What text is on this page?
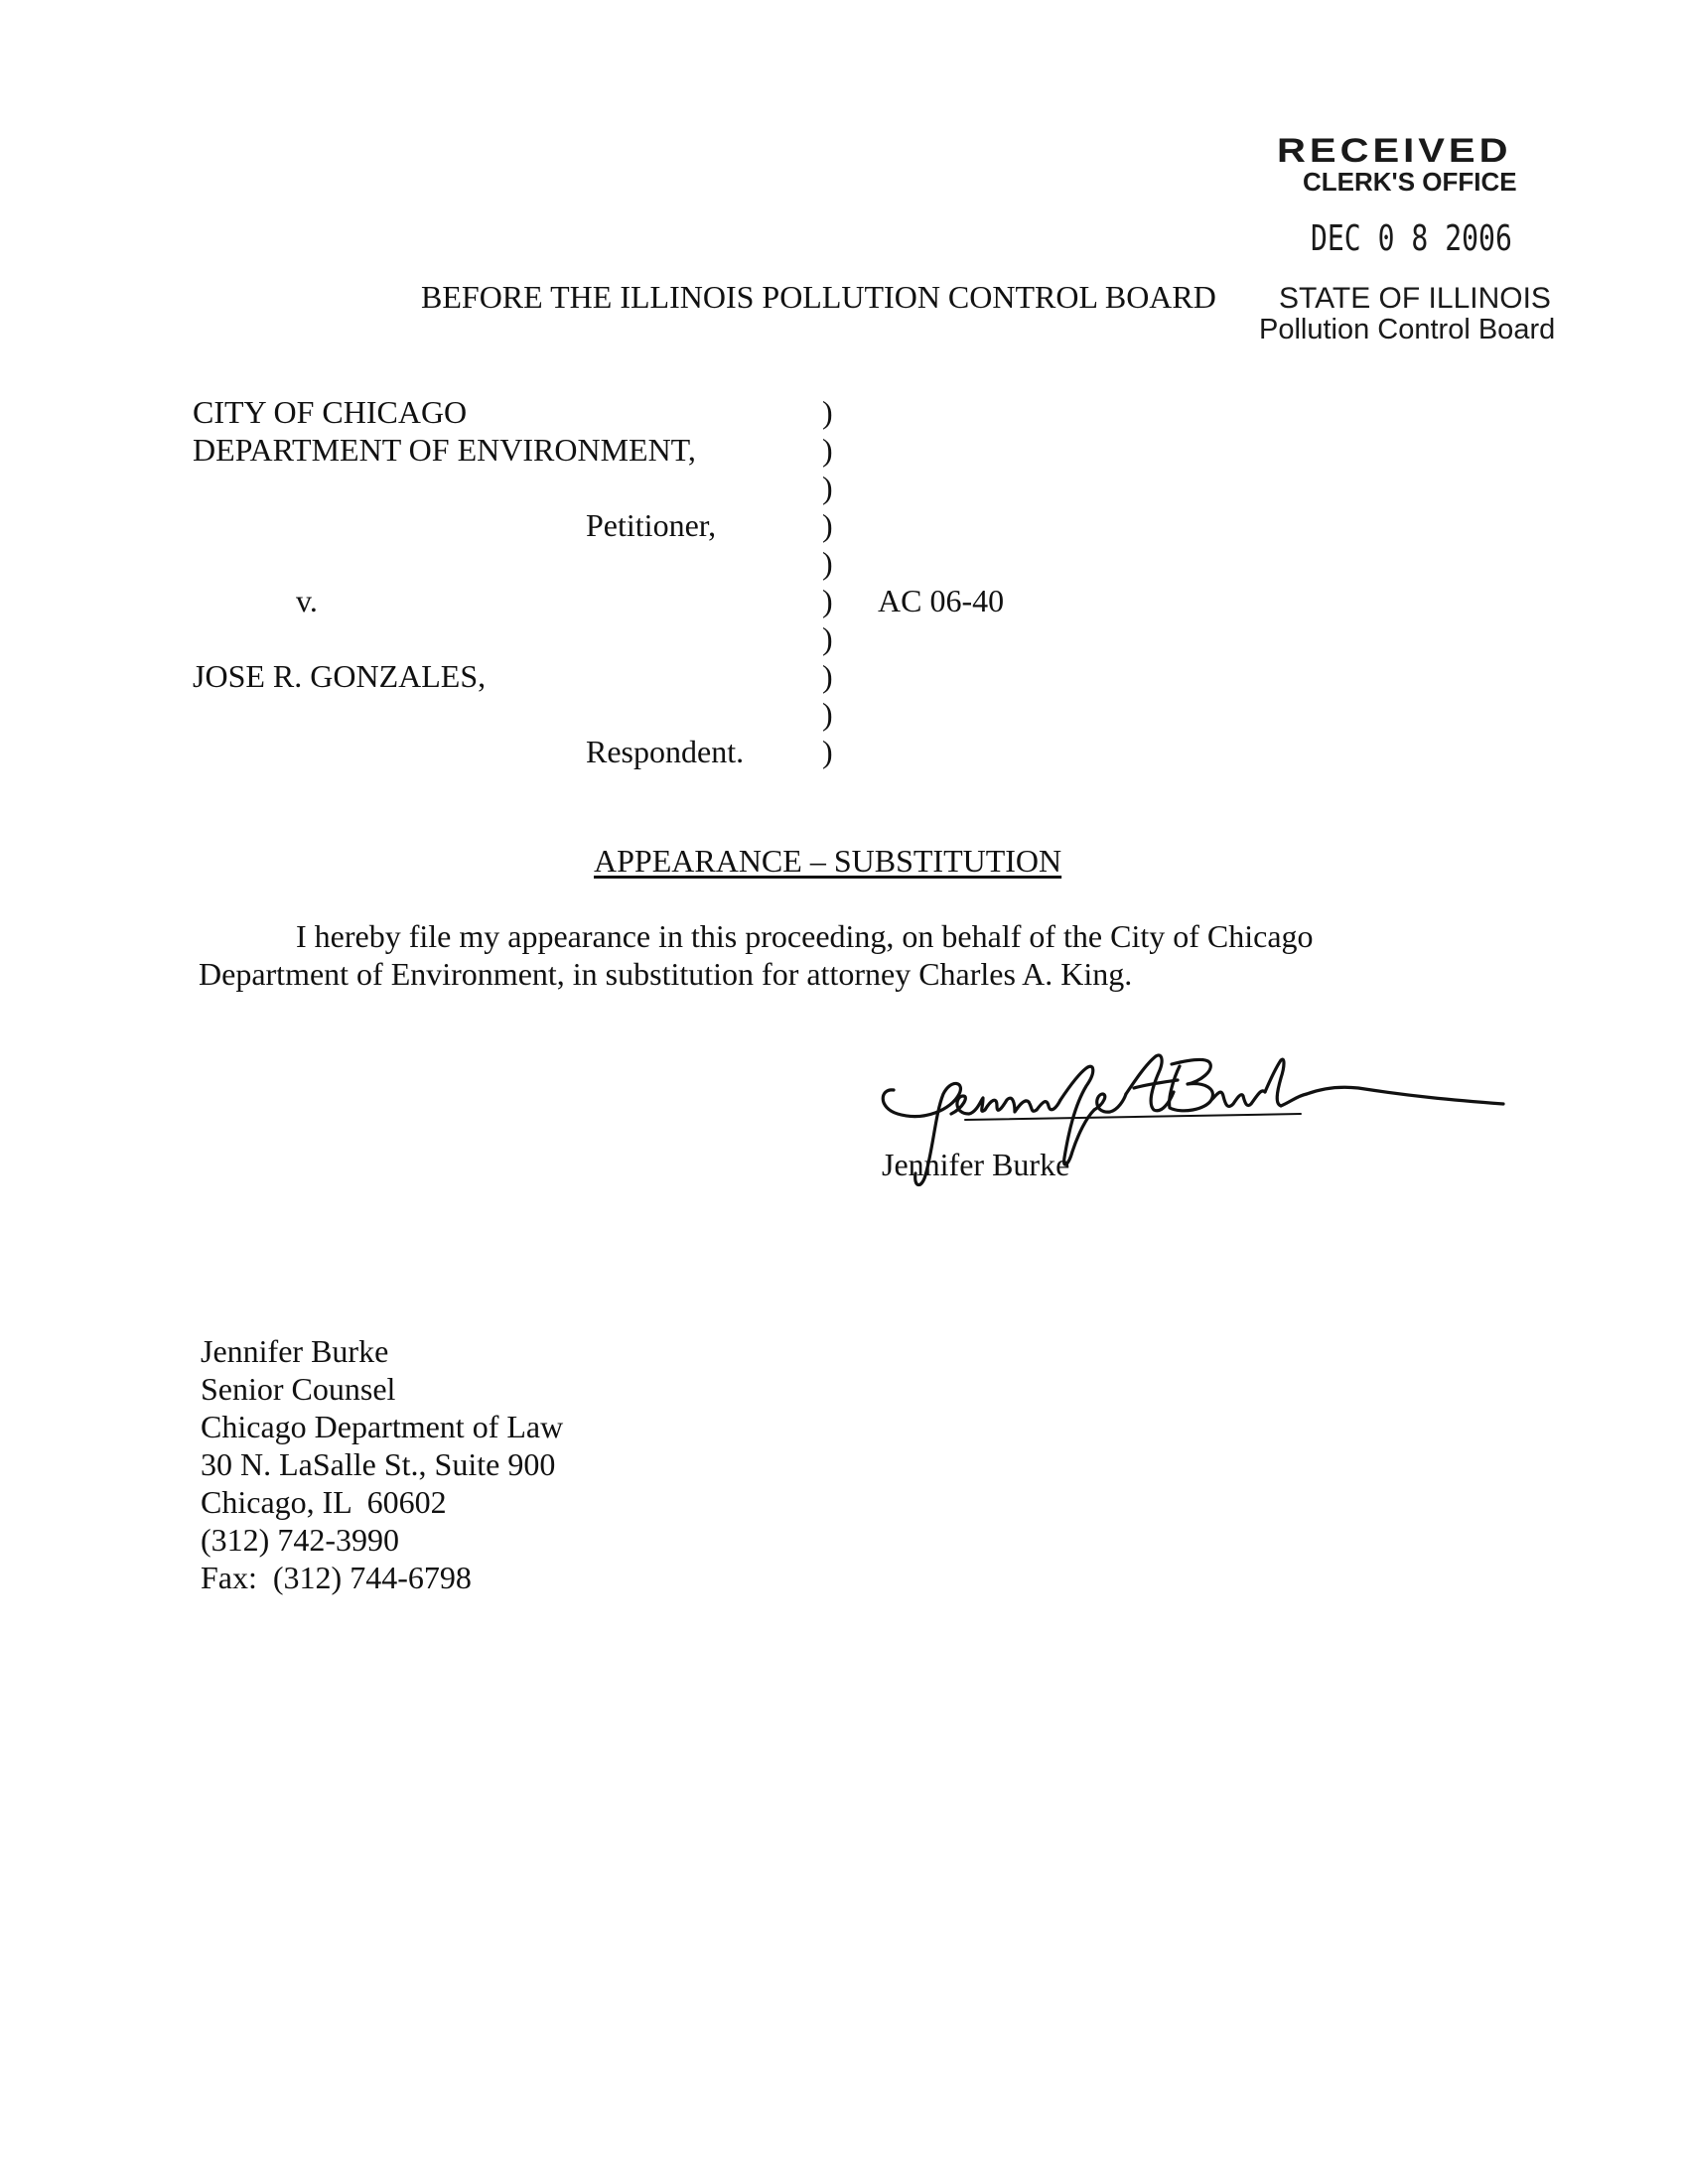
RECEIVED
CLERK'S OFFICE
DEC 0 8 2006
STATE OF ILLINOIS
Pollution Control Board
BEFORE THE ILLINOIS POLLUTION CONTROL BOARD
CITY OF CHICAGO
DEPARTMENT OF ENVIRONMENT,
Petitioner,
v.
JOSE R. GONZALES,
Respondent.
)
)
)
)
)
)
)
)
)
)
AC 06-40
APPEARANCE – SUBSTITUTION
I hereby file my appearance in this proceeding, on behalf of the City of Chicago
Department of Environment, in substitution for attorney Charles A. King.
Jennifer Burke
Jennifer Burke
Senior Counsel
Chicago Department of Law
30 N. LaSalle St., Suite 900
Chicago, IL  60602
(312) 742-3990
Fax:  (312) 744-6798
